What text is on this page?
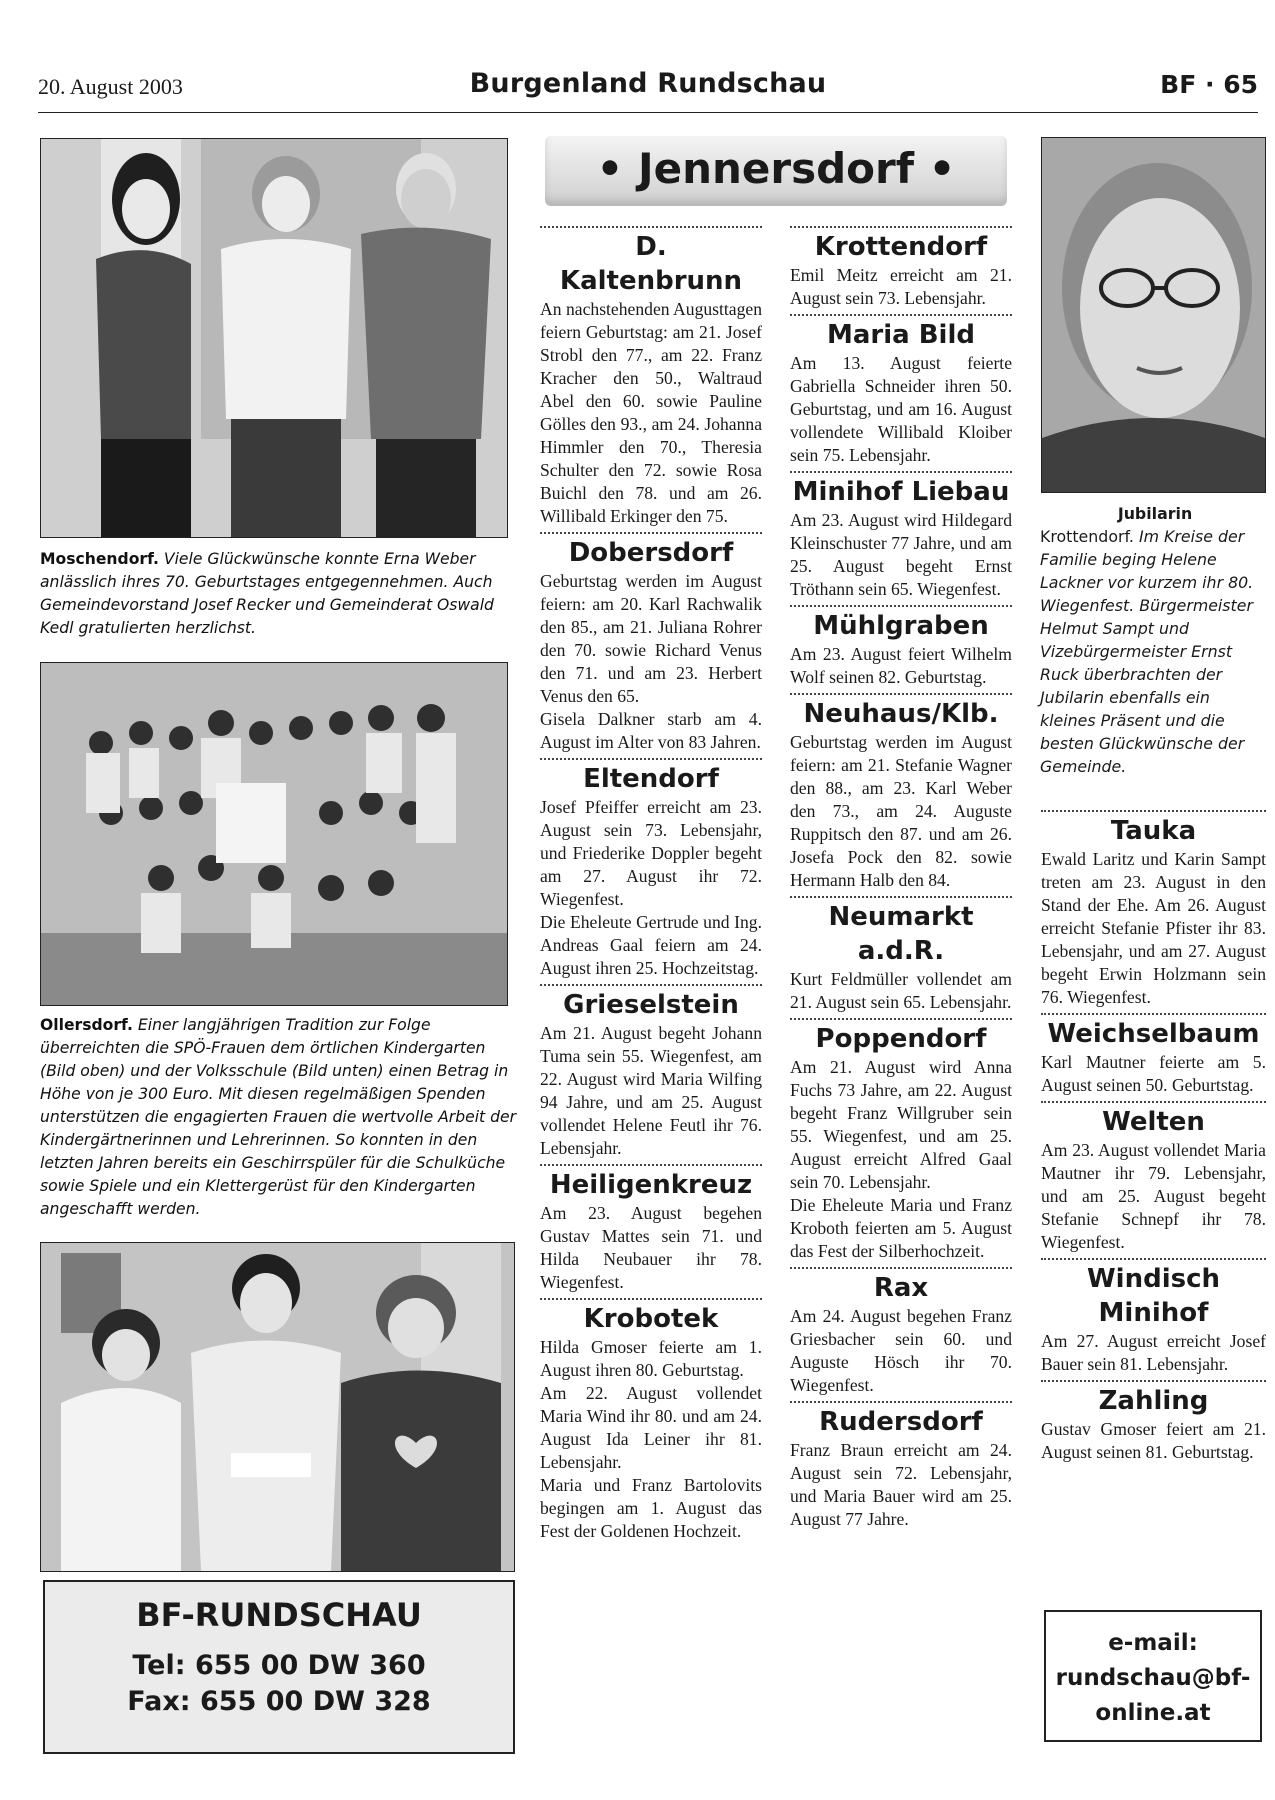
20. August 2003	Burgenland Rundschau	BF · 65
Moschendorf. Viele Glückwünsche konnte Erna Weber anlässlich ihres 70. Geburtstages entgegennehmen. Auch Gemeindevorstand Josef Recker und Gemeinderat Oswald Kedl gratulierten herzlichst.
Ollersdorf. Einer langjährigen Tradition zur Folge überreichten die SPÖ-Frauen dem örtlichen Kindergarten (Bild oben) und der Volksschule (Bild unten) einen Betrag in Höhe von je 300 Euro. Mit diesen regelmäßigen Spenden unterstützen die engagierten Frauen die wertvolle Arbeit der Kindergärtnerinnen und Lehrerinnen. So konnten in den letzten Jahren bereits ein Geschirrspüler für die Schulküche sowie Spiele und ein Klettergerüst für den Kindergarten angeschafft werden.
BF-RUNDSCHAU
Tel: 655 00 DW 360
Fax: 655 00 DW 328
• Jennersdorf •
D. Kaltenbrunn

An nachstehenden Augusttagen feiern Geburtstag: am 21. Josef Strobl den 77., am 22. Franz Kracher den 50., Waltraud Abel den 60. sowie Pauline Gölles den 93., am 24. Johanna Himmler den 70., Theresia Schulter den 72. sowie Rosa Buichl den 78. und am 26. Willibald Erkinger den 75.

Dobersdorf

Geburtstag werden im August feiern: am 20. Karl Rachwalik den 85., am 21. Juliana Rohrer den 70. sowie Richard Venus den 71. und am 23. Herbert Venus den 65.

Gisela Dalkner starb am 4. August im Alter von 83 Jahren.

Eltendorf

Josef Pfeiffer erreicht am 23. August sein 73. Lebensjahr, und Friederike Doppler begeht am 27. August ihr 72. Wiegenfest.

Die Eheleute Gertrude und Ing. Andreas Gaal feiern am 24. August ihren 25. Hochzeitstag.

Grieselstein

Am 21. August begeht Johann Tuma sein 55. Wiegenfest, am 22. August wird Maria Wilfing 94 Jahre, und am 25. August vollendet Helene Feutl ihr 76. Lebensjahr.

Heiligenkreuz

Am 23. August begehen Gustav Mattes sein 71. und Hilda Neubauer ihr 78. Wiegenfest.

Krobotek

Hilda Gmoser feierte am 1. August ihren 80. Geburtstag.

Am 22. August vollendet Maria Wind ihr 80. und am 24. August Ida Leiner ihr 81. Lebensjahr.

Maria und Franz Bartolovits begingen am 1. August das Fest der Goldenen Hochzeit.

Krottendorf

Emil Meitz erreicht am 21. August sein 73. Lebensjahr.

Maria Bild

Am 13. August feierte Gabriella Schneider ihren 50. Geburtstag, und am 16. August vollendete Willibald Kloiber sein 75. Lebensjahr.

Minihof Liebau

Am 23. August wird Hildegard Kleinschuster 77 Jahre, und am 25. August begeht Ernst Tröthann sein 65. Wiegenfest.

Mühlgraben

Am 23. August feiert Wilhelm Wolf seinen 82. Geburtstag.

Neuhaus/Klb.

Geburtstag werden im August feiern: am 21. Stefanie Wagner den 88., am 23. Karl Weber den 73., am 24. Auguste Ruppitsch den 87. und am 26. Josefa Pock den 82. sowie Hermann Halb den 84.

Neumarkt a.d.R.

Kurt Feldmüller vollendet am 21. August sein 65. Lebensjahr.

Poppendorf

Am 21. August wird Anna Fuchs 73 Jahre, am 22. August begeht Franz Willgruber sein 55. Wiegenfest, und am 25. August erreicht Alfred Gaal sein 70. Lebensjahr.

Die Eheleute Maria und Franz Kroboth feierten am 5. August das Fest der Silberhochzeit.

Rax

Am 24. August begehen Franz Griesbacher sein 60. und Auguste Hösch ihr 70. Wiegenfest.

Rudersdorf

Franz Braun erreicht am 24. August sein 72. Lebensjahr, und Maria Bauer wird am 25. August 77 Jahre.

Jubilarin
Krottendorf. Im Kreise der Familie beging Helene Lackner vor kurzem ihr 80. Wiegenfest. Bürgermeister Helmut Sampt und Vizebürgermeister Ernst Ruck überbrachten der Jubilarin ebenfalls ein kleines Präsent und die besten Glückwünsche der Gemeinde.
Tauka

Ewald Laritz und Karin Sampt treten am 23. August in den Stand der Ehe. Am 26. August erreicht Stefanie Pfister ihr 83. Lebensjahr, und am 27. August begeht Erwin Holzmann sein 76. Wiegenfest.

Weichselbaum

Karl Mautner feierte am 5. August seinen 50. Geburtstag.

Welten

Am 23. August vollendet Maria Mautner ihr 79. Lebensjahr, und am 25. August begeht Stefanie Schnepf ihr 78. Wiegenfest.

Windisch Minihof

Am 27. August erreicht Josef Bauer sein 81. Lebensjahr.

Zahling

Gustav Gmoser feiert am 21. August seinen 81. Geburtstag.

e-mail:
rundschau@bf-
online.at
